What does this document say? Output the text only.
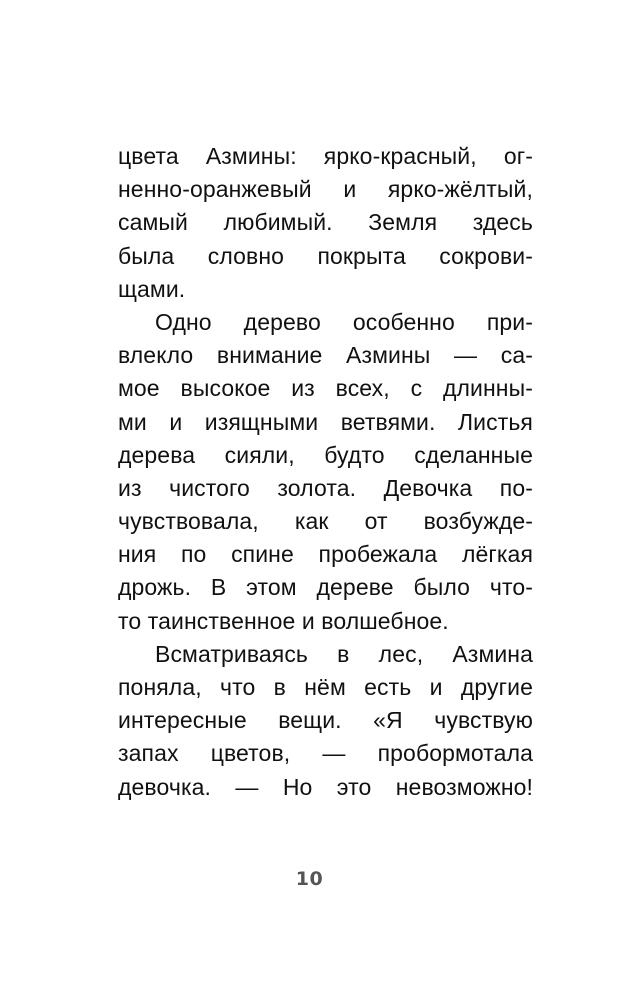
цвета Азмины: ярко-красный, ог-
ненно-оранжевый и ярко-жёлтый,
самый любимый. Земля здесь
была словно покрыта сокрови-
щами.
Одно дерево особенно при-
влекло внимание Азмины — са-
мое высокое из всех, с длинны-
ми и изящными ветвями. Листья
дерева сияли, будто сделанные
из чистого золота. Девочка по-
чувствовала, как от возбужде-
ния по спине пробежала лёгкая
дрожь. В этом дереве было что-
то таинственное и волшебное.
Всматриваясь в лес, Азмина
поняла, что в нём есть и другие
интересные вещи. «Я чувствую
запах цветов, — пробормотала
девочка. — Но это невозможно!
10
